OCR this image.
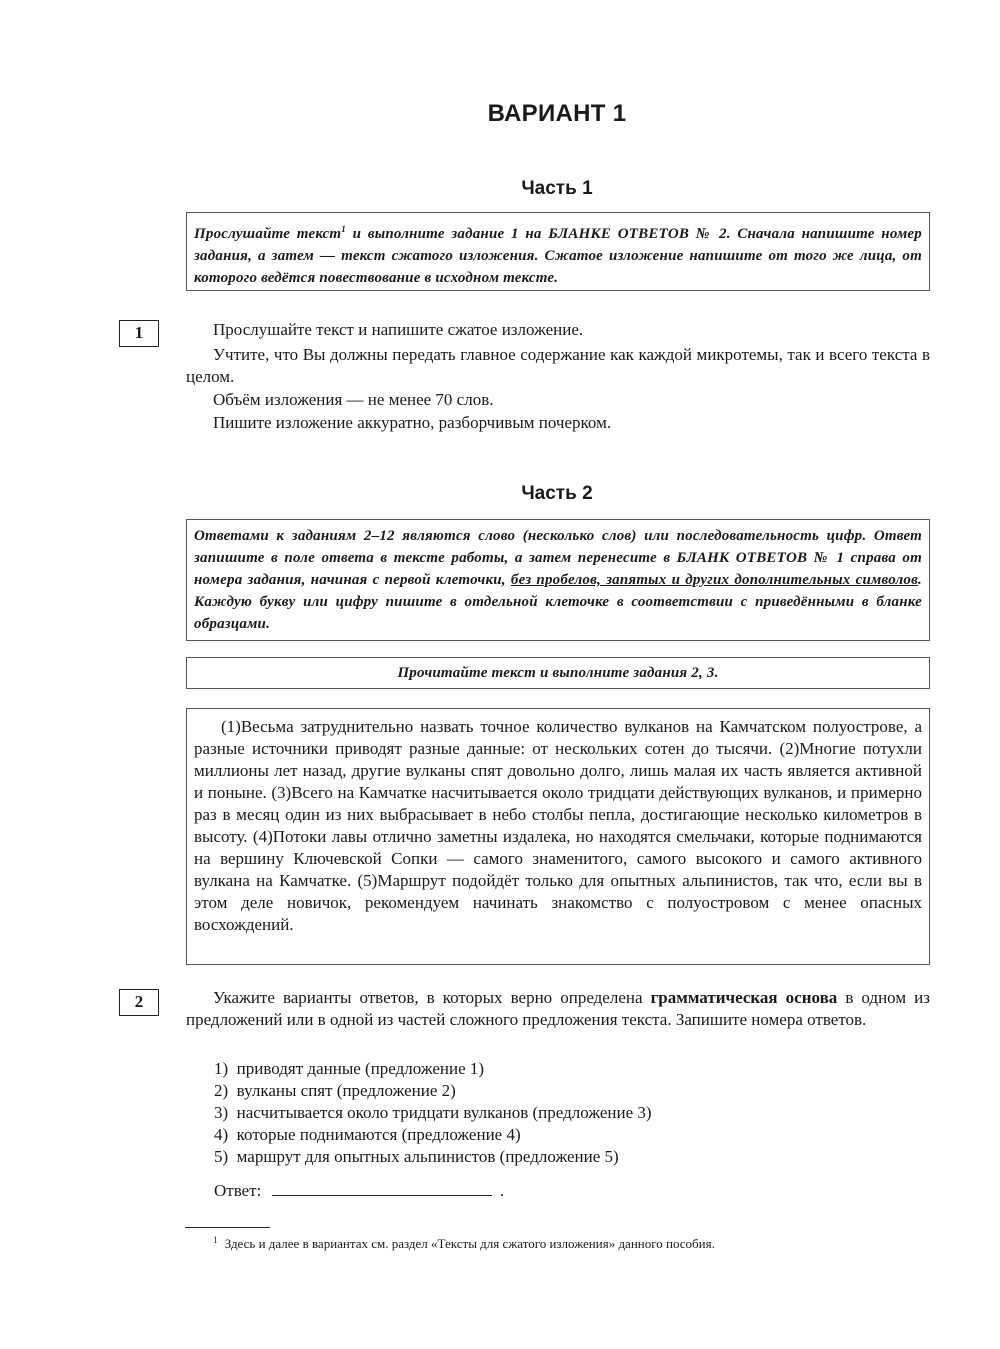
ВАРИАНТ 1
Часть 1
Прослушайте текст$^1$ и выполните задание 1 на БЛАНКЕ ОТВЕТОВ № 2. Сначала напишите номер задания, а затем — текст сжатого изложения. Сжатое изложение напишите от того же лица, от которого ведётся повествование в исходном тексте.
1	Прослушайте текст и напишите сжатое изложение.
Учтите, что Вы должны передать главное содержание как каждой микротемы, так и всего текста в целом.
Объём изложения — не менее 70 слов.
Пишите изложение аккуратно, разборчивым почерком.
Часть 2
Ответами к заданиям 2–12 являются слово (несколько слов) или последовательность цифр. Ответ запишите в поле ответа в тексте работы, а затем перенесите в БЛАНК ОТВЕТОВ № 1 справа от номера задания, начиная с первой клеточки, без пробелов, запятых и других дополнительных символов. Каждую букву или цифру пишите в отдельной клеточке в соответствии с приведёнными в бланке образцами.
Прочитайте текст и выполните задания 2, 3.
(1)Весьма затруднительно назвать точное количество вулканов на Камчатском полуострове, а разные источники приводят разные данные: от нескольких сотен до тысячи. (2)Многие потухли миллионы лет назад, другие вулканы спят довольно долго, лишь малая их часть является активной и поныне. (3)Всего на Камчатке насчитывается около тридцати действующих вулканов, и примерно раз в месяц один из них выбрасывает в небо столбы пепла, достигающие несколько километров в высоту. (4)Потоки лавы отлично заметны издалека, но находятся смельчаки, которые поднимаются на вершину Ключевской Сопки — самого знаменитого, самого высокого и самого активного вулкана на Камчатке. (5)Маршрут подойдёт только для опытных альпинистов, так что, если вы в этом деле новичок, рекомендуем начинать знакомство с полуостровом с менее опасных восхождений.
2	Укажите варианты ответов, в которых верно определена грамматическая основа в одном из предложений или в одной из частей сложного предложения текста. Запишите номера ответов.
1)  приводят данные (предложение 1)
2)  вулканы спят (предложение 2)
3)  насчитывается около тридцати вулканов (предложение 3)
4)  которые поднимаются (предложение 4)
5)  маршрут для опытных альпинистов (предложение 5)
Ответ:	.
$^1$ Здесь и далее в вариантах см. раздел «Тексты для сжатого изложения» данного пособия.
